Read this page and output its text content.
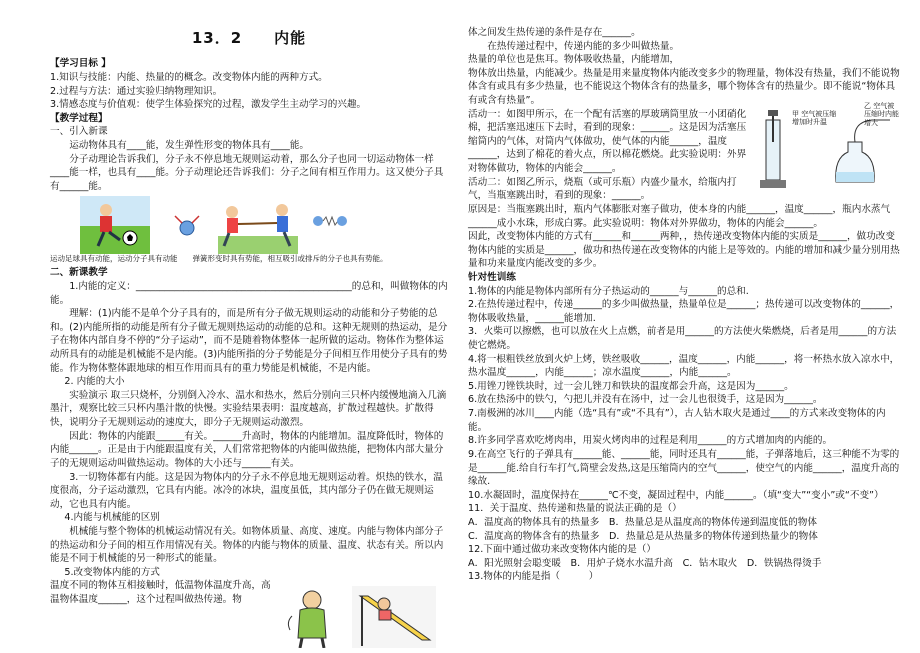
13．2　　内能

【学习目标 】

1.知识与技能：内能、热量的的概念。改变物体内能的两种方式。

2.过程与方法：通过实验归纳物理知识。

3.情感态度与价值观：使学生体验探究的过程，激发学生主动学习的兴趣。

【教学过程】

一、引入新课

运动物体具有____能，发生弹性形变的物体具有____能。

分子动理论告诉我们，分子永不停息地无规则运动着，那么分子也同一切运动物体一样____能一样，也具有____能。分子动理论还告诉我们：分子之间有相互作用力。这又使分子具有______能。

运动足球具有动能，运动分子具有动能　　弹簧形变时具有势能，相互吸引或排斥的分子也具有势能。

二、新课教学

1.内能的定义：_____________________________________________的总和，叫做物体的内能。

理解：(1)内能不是单个分子具有的，而是所有分子做无规则运动的动能和分子势能的总和。(2)内能所指的动能是所有分子做无规则热运动的动能的总和。这种无规则的热运动，是分子在物体内部自身不停的“分子运动”，而不是随着物体整体一起所做的运动。物体作为整体运动所具有的动能是机械能不是内能。(3)内能所指的分子势能是分子间相互作用使分子具有的势能。作为物体整体跟地球的相互作用而具有的重力势能是机械能，不是内能。

2. 内能的大小

实验演示 取三只烧杯，分别倒入冷水、温水和热水，然后分别向三只杯内缓慢地滴入几滴墨汁，观察比较三只杯内墨汁散的快慢。实验结果表明：温度越高，扩散过程越快。扩散得快，说明分子无规则运动的速度大，即分子无规则运动激烈。

因此：物体的内能跟______有关。______升高时，物体的内能增加。温度降低时，物体的内能______。正是由于内能跟温度有关，人们常常把物体的内能叫做热能，把物体内部大量分子的无规则运动叫做热运动。物体的大小还与______有关。

3.一切物体都有内能。这是因为物体内的分子永不停息地无规则运动着。炽热的铁水，温度很高，分子运动激烈，它具有内能。冰冷的冰块，温度虽低，其内部分子仍在做无规则运动，它也具有内能。

4.内能与机械能的区别

机械能与整个物体的机械运动情况有关。如物体质量、高度、速度。内能与物体内部分子的热运动和分子间的相互作用情况有关。物体的内能与物体的质量、温度、状态有关。所以内能是不同于机械能的另一种形式的能量。

5.改变物体内能的方式

温度不同的物体互相接触时，低温物体温度升高，高温物体温度______，这个过程叫做热传递。物

体之间发生热传递的条件是存在______。

在热传递过程中，传递内能的多少叫做热量。

热量的单位也是焦耳。物体吸收热量，内能增加，

物体放出热量，内能减少。热量是用来量度物体内能改变多少的物理量，物体没有热量，我们不能说物体含有或具有多少热量，也不能说这个物体含有的热量多，哪个物体含有的热量少。即不能说“物体具有或含有热量”。

活动一：如图甲所示，在一个配有活塞的厚玻璃筒里放一小团硝化棉，把活塞迅速压下去时，看到的现象：______。这是因为活塞压缩筒内的气体，对筒内气体做功，使气体的内能______，温度______，达到了棉花的着火点，所以棉花燃烧。此实验说明：外界对物体做功，物体的内能会______。

活动二：如图乙所示，烧瓶（或可乐瓶）内盛少量水，给瓶内打气，当瓶塞跳出时，看到的现象：______。

原因是：当瓶塞跳出时，瓶内气体膨胀对塞子做功，使本身的内能______，温度______，瓶内水蒸气______成小水珠，形成白雾。此实验说明：物体对外界做功，物体的内能会______。

因此，改变物体内能的方式有______和______两种，，热传递改变物体内能的实质是______，做功改变物体内能的实质是______，做功和热传递在改变物体的内能上是等效的。内能的增加和减少量分别用热量和功来量度内能改变的多少。

针对性训练

1.物体的内能是物体内部所有分子热运动的______与______的总和.

2.在热传递过程中，传递______的多少叫做热量，热量单位是______；热传递可以改变物体的______，物体吸收热量，______能增加.

3．火柴可以擦燃，也可以放在火上点燃，前者是用______的方法使火柴燃烧，后者是用______的方法使它燃烧。

4.将一根粗铁丝放到火炉上烤，铁丝吸收______，温度______，内能______，将一杯热水放入凉水中，热水温度______，内能______；凉水温度______，内能______。

5.用锉刀锉铁块时，过一会儿锉刀和铁块的温度都会升高，这是因为______。

6.放在热汤中的铁勺，勺把儿并没有在汤中，过一会儿也很烫手，这是因为______。

7.南极洲的冰川____内能（选“具有”或“不具有”），古人钻木取火是通过____的方式来改变物体的内能。

8.许多同学喜欢吃烤肉串，用炭火烤肉串的过程是利用______的方式增加肉的内能的。

9.在高空飞行的子弹具有______能、______能，同时还具有______能，子弹落地后，这三种能不为零的是______能.给自行车打气,筒壁会发热,这是压缩筒内的空气______，使空气的内能______，温度升高的缘故.

10.水凝固时，温度保持在______℃不变，凝固过程中，内能______。（填“变大”“变小”或“不变”）

11．关于温度、热传递和热量的说法正确的是（）

A．温度高的物体具有的热量多　B．热量总是从温度高的物体传递到温度低的物体

C．温度高的物体含有的热量多　D．热量总是从热量多的物体传递到热量少的物体

12.下面中通过做功来改变物体内能的是（）

A．阳光照射会聪变暖　B．用炉子烧水水温升高　C．钻木取火　D．铁锅热得烫手

13.物体的内能是指（　　　）

甲 空气被压缩增加时升温
乙 空气被压缩时内能增大
